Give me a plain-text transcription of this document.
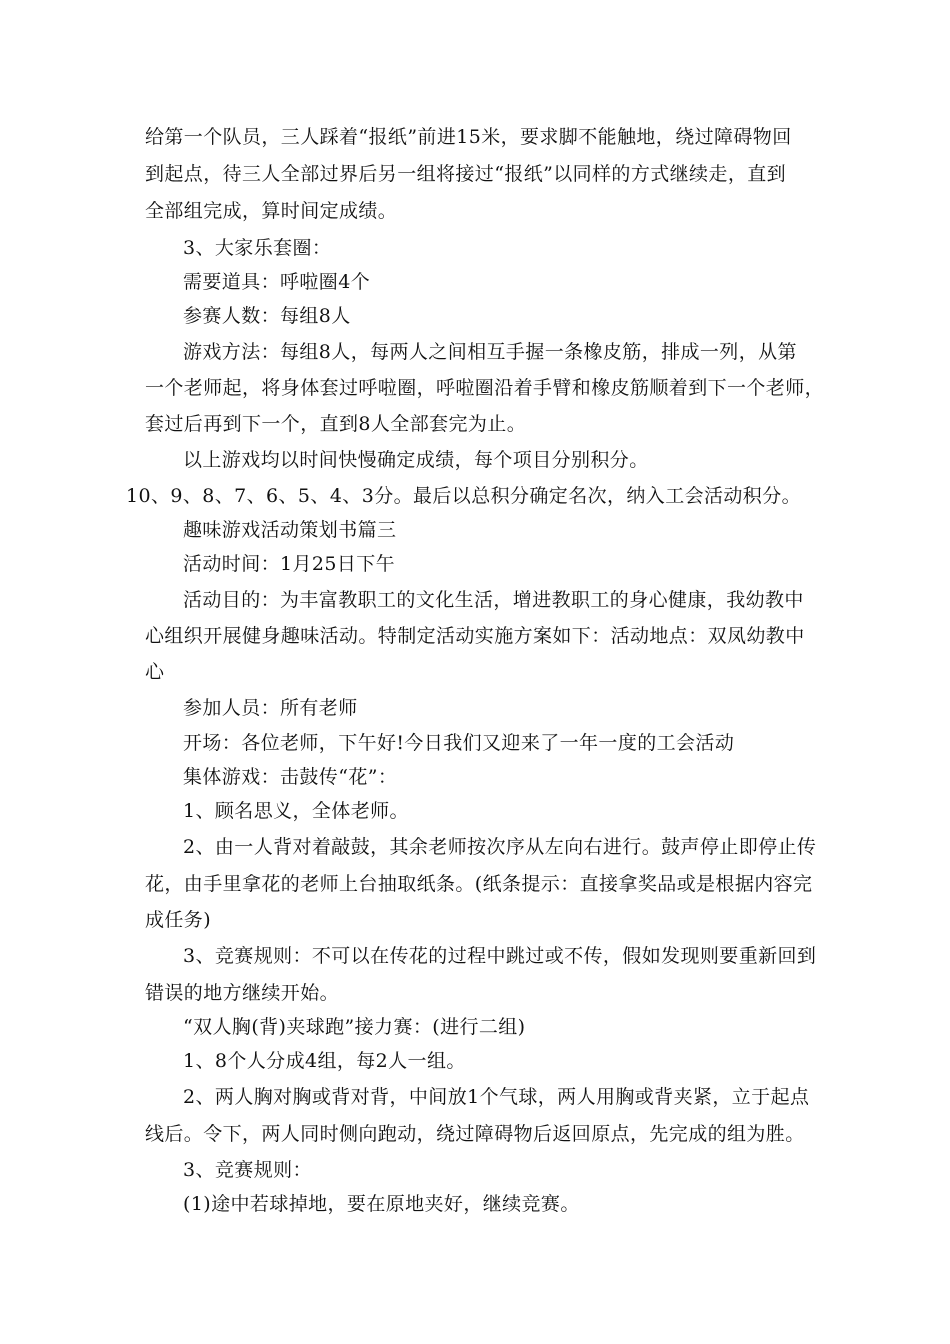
给第一个队员，三人踩着“报纸”前进15米，要求脚不能触地，绕过障碍物回
到起点，待三人全部过界后另一组将接过“报纸”以同样的方式继续走，直到
全部组完成，算时间定成绩。
3、大家乐套圈：
需要道具：呼啦圈4个
参赛人数：每组8人
游戏方法：每组8人，每两人之间相互手握一条橡皮筋，排成一列，从第
一个老师起，将身体套过呼啦圈，呼啦圈沿着手臂和橡皮筋顺着到下一个老师，
套过后再到下一个，直到8人全部套完为止。
以上游戏均以时间快慢确定成绩，每个项目分别积分。
10、9、8、7、6、5、4、3分。最后以总积分确定名次，纳入工会活动积分。
趣味游戏活动策划书篇三
活动时间：1月25日下午
活动目的：为丰富教职工的文化生活，增进教职工的身心健康，我幼教中
心组织开展健身趣味活动。特制定活动实施方案如下：活动地点：双凤幼教中
心
参加人员：所有老师
开场：各位老师，下午好!今日我们又迎来了一年一度的工会活动
集体游戏：击鼓传“花”：
1、顾名思义，全体老师。
2、由一人背对着敲鼓，其余老师按次序从左向右进行。鼓声停止即停止传
花，由手里拿花的老师上台抽取纸条。(纸条提示：直接拿奖品或是根据内容完
成任务)
3、竞赛规则：不可以在传花的过程中跳过或不传，假如发现则要重新回到
错误的地方继续开始。
“双人胸(背)夹球跑”接力赛：(进行二组)
1、8个人分成4组，每2人一组。
2、两人胸对胸或背对背，中间放1个气球，两人用胸或背夹紧，立于起点
线后。令下，两人同时侧向跑动，绕过障碍物后返回原点，先完成的组为胜。
3、竞赛规则：
(1)途中若球掉地，要在原地夹好，继续竞赛。
